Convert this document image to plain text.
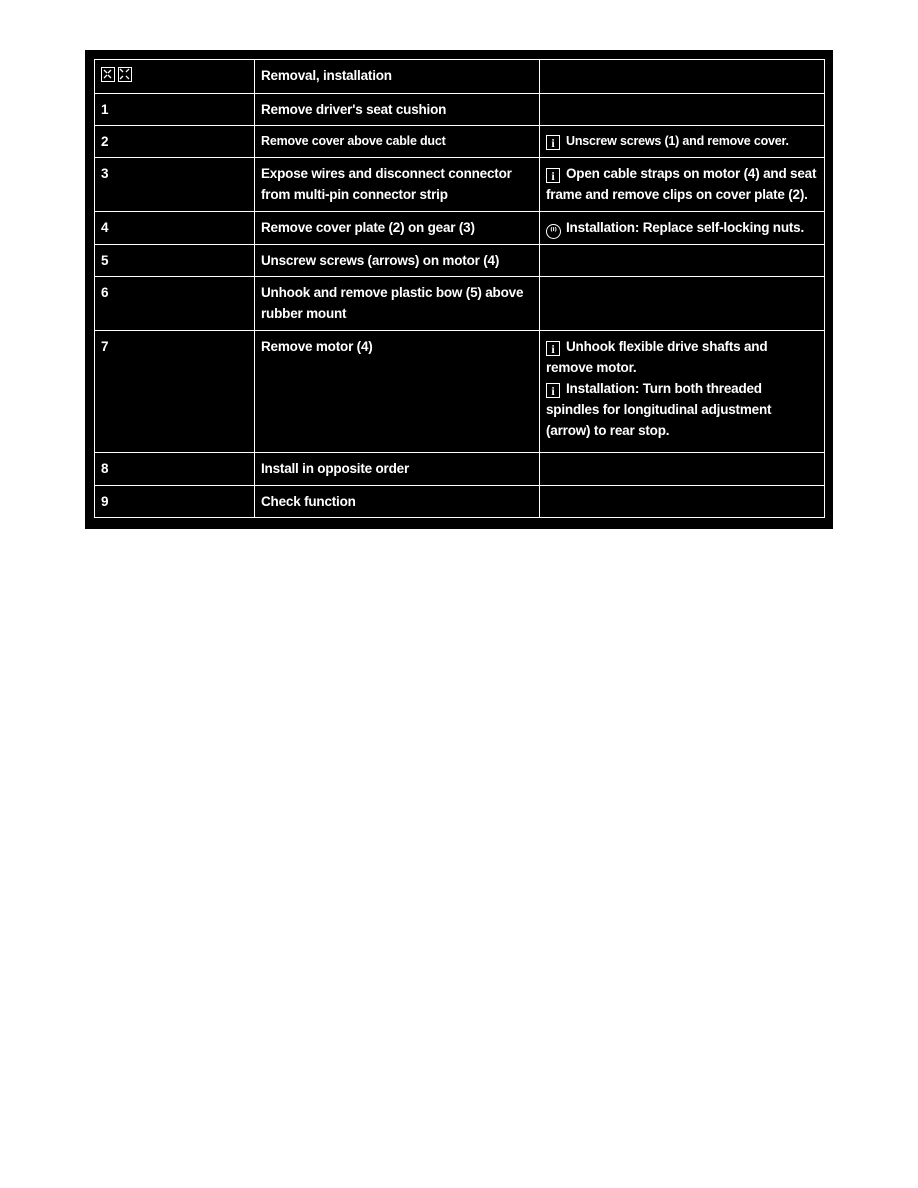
	Removal, installation	
1	Remove driver's seat cushion	
2	Remove cover above cable duct	i Unscrew screws (1) and remove cover.
3	Expose wires and disconnect connector
from multi-pin connector strip	i Open cable straps on motor (4) and seat
frame and remove clips on cover plate (2).

4	Remove cover plate (2) on gear (3)	⁽ⁱ⁾ Installation: Replace self-locking nuts.
5	Unscrew screws (arrows) on motor (4)	
6	Unhook and remove plastic bow (5) above
rubber mount	

7	Remove motor (4)	i Unhook flexible drive shafts and
remove motor.
i Installation: Turn both threaded
spindles for longitudinal adjustment
(arrow) to rear stop.

8	Install in opposite order	
9	Check function	
